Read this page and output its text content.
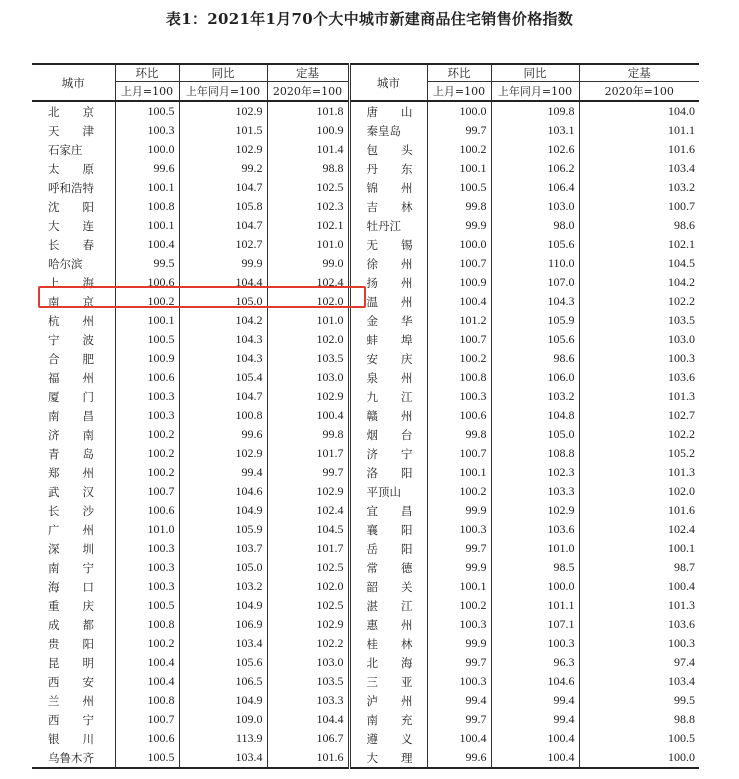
表1：2021年1月70个大中城市新建商品住宅销售价格指数
城市	环比	同比	定基	城市	环比	同比	定基
	上月=100	上年同月=100	2020年=100		上月=100	上年同月=100	2020年=100
北　　京	100.5	102.9	101.8	唐　　山	100.0	109.8	104.0
天　　津	100.3	101.5	100.9	秦皇岛	99.7	103.1	101.1
石家庄	100.0	102.9	101.4	包　　头	100.2	102.6	101.6
太　　原	99.6	99.2	98.8	丹　　东	100.1	106.2	103.4
呼和浩特	100.1	104.7	102.5	锦　　州	100.5	106.4	103.2
沈　　阳	100.8	105.8	102.3	吉　　林	99.8	103.0	100.7
大　　连	100.1	104.7	102.1	牡丹江	99.9	98.0	98.6
长　　春	100.4	102.7	101.0	无　　锡	100.0	105.6	102.1
哈尔滨	99.5	99.9	99.0	徐　　州	100.7	110.0	104.5
上　　海	100.6	104.4	102.4	扬　　州	100.9	107.0	104.2
南　　京	100.2	105.0	102.0	温　　州	100.4	104.3	102.2
杭　　州	100.1	104.2	101.0	金　　华	101.2	105.9	103.5
宁　　波	100.5	104.3	102.0	蚌　　埠	100.7	105.6	103.0
合　　肥	100.9	104.3	103.5	安　　庆	100.2	98.6	100.3
福　　州	100.6	105.4	103.0	泉　　州	100.8	106.0	103.6
厦　　门	100.3	104.7	102.9	九　　江	100.3	103.2	101.3
南　　昌	100.3	100.8	100.4	赣　　州	100.6	104.8	102.7
济　　南	100.2	99.6	99.8	烟　　台	99.8	105.0	102.2
青　　岛	100.2	102.9	101.7	济　　宁	100.7	108.8	105.2
郑　　州	100.2	99.4	99.7	洛　　阳	100.1	102.3	101.3
武　　汉	100.7	104.6	102.9	平顶山	100.2	103.3	102.0
长　　沙	100.6	104.9	102.4	宜　　昌	99.9	102.9	101.6
广　　州	101.0	105.9	104.5	襄　　阳	100.3	103.6	102.4
深　　圳	100.3	103.7	101.7	岳　　阳	99.7	101.0	100.1
南　　宁	100.3	105.0	102.5	常　　德	99.9	98.5	98.7
海　　口	100.3	103.2	102.0	韶　　关	100.1	100.0	100.4
重　　庆	100.5	104.9	102.5	湛　　江	100.2	101.1	101.3
成　　都	100.8	106.9	102.9	惠　　州	100.3	107.1	103.6
贵　　阳	100.2	103.4	102.2	桂　　林	99.9	100.3	100.3
昆　　明	100.4	105.6	103.0	北　　海	99.7	96.3	97.4
西　　安	100.4	106.5	103.5	三　　亚	100.3	104.6	103.4
兰　　州	100.8	104.9	103.3	泸　　州	99.4	99.4	99.5
西　　宁	100.7	109.0	104.4	南　　充	99.7	99.4	98.8
银　　川	100.6	113.9	106.7	遵　　义	100.4	100.4	100.5
乌鲁木齐	100.5	103.4	101.6	大　　理	99.6	100.4	100.0
